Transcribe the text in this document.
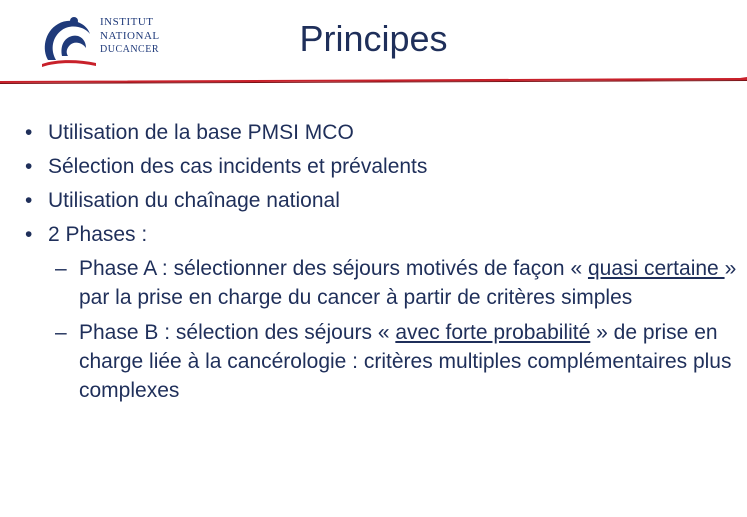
INSTITUT
NATIONAL
DUCANCER	Principes
• Utilisation de la base PMSI MCO
• Sélection des cas incidents et prévalents
• Utilisation du chaînage national
• 2 Phases :
– Phase A : sélectionner des séjours motivés de façon « quasi certaine » par la prise en charge du cancer à partir de critères simples
– Phase B : sélection des séjours « avec forte probabilité » de prise en charge liée à la cancérologie : critères multiples complémentaires plus complexes
